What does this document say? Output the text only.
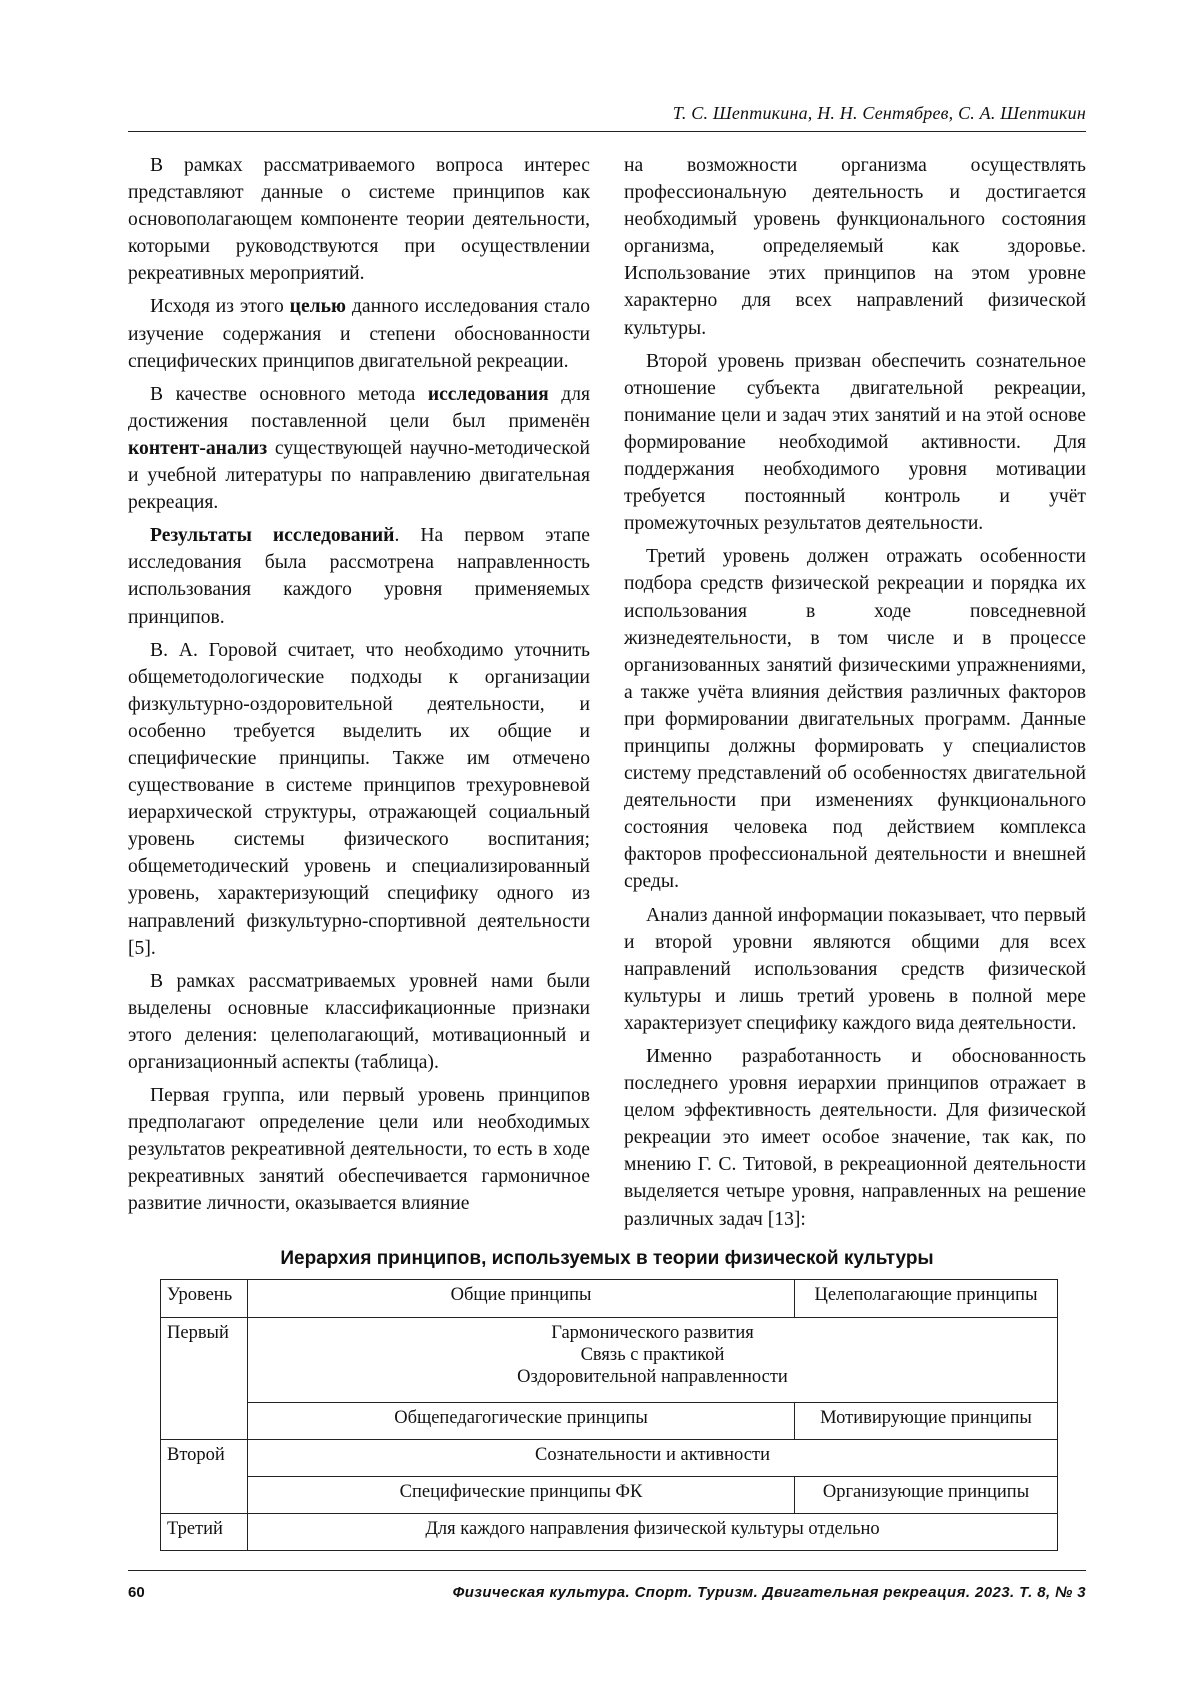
Т. С. Шептикина, Н. Н. Сентябрев, С. А. Шептикин

В рамках рассматриваемого вопроса интерес представляют данные о системе принципов как основополагающем компоненте теории деятельности, которыми руководствуются при осуществлении рекреативных мероприятий.

Исходя из этого целью данного исследования стало изучение содержания и степени обоснованности специфических принципов двигательной рекреации.

В качестве основного метода исследования для достижения поставленной цели был применён контент-анализ существующей научно-методической и учебной литературы по направлению двигательная рекреация.

Результаты исследований. На первом этапе исследования была рассмотрена направленность использования каждого уровня применяемых принципов.

В. А. Горовой считает, что необходимо уточнить общеметодологические подходы к организации физкультурно-оздоровительной деятельности, и особенно требуется выделить их общие и специфические принципы. Также им отмечено существование в системе принципов трехуровневой иерархической структуры, отражающей социальный уровень системы физического воспитания; общеметодический уровень и специализированный уровень, характеризующий специфику одного из направлений физкультурно-спортивной деятельности [5].

В рамках рассматриваемых уровней нами были выделены основные классификационные признаки этого деления: целеполагающий, мотивационный и организационный аспекты (таблица).

Первая группа, или первый уровень принципов предполагают определение цели или необходимых результатов рекреативной деятельности, то есть в ходе рекреативных занятий обеспечивается гармоничное развитие личности, оказывается влияние

на возможности организма осуществлять профессиональную деятельность и достигается необходимый уровень функционального состояния организма, определяемый как здоровье. Использование этих принципов на этом уровне характерно для всех направлений физической культуры.

Второй уровень призван обеспечить сознательное отношение субъекта двигательной рекреации, понимание цели и задач этих занятий и на этой основе формирование необходимой активности. Для поддержания необходимого уровня мотивации требуется постоянный контроль и учёт промежуточных результатов деятельности.

Третий уровень должен отражать особенности подбора средств физической рекреации и порядка их использования в ходе повседневной жизнедеятельности, в том числе и в процессе организованных занятий физическими упражнениями, а также учёта влияния действия различных факторов при формировании двигательных программ. Данные принципы должны формировать у специалистов систему представлений об особенностях двигательной деятельности при изменениях функционального состояния человека под действием комплекса факторов профессиональной деятельности и внешней среды.

Анализ данной информации показывает, что первый и второй уровни являются общими для всех направлений использования средств физической культуры и лишь третий уровень в полной мере характеризует специфику каждого вида деятельности.

Именно разработанность и обоснованность последнего уровня иерархии принципов отражает в целом эффективность деятельности. Для физической рекреации это имеет особое значение, так как, по мнению Г. С. Титовой, в рекреационной деятельности выделяется четыре уровня, направленных на решение различных задач [13]:

Иерархия принципов, используемых в теории физической культуры
Уровень	Общие принципы	Целеполагающие принципы
Первый	Гармонического развития
Связь с практикой
Оздоровительной направленности	

	Общепедагогические принципы	Мотивирующие принципы
Второй	Сознательности и активности	
	Специфические принципы ФК	Организующие принципы
Третий	Для каждого направления физической культуры отдельно	
60	Физическая культура. Спорт. Туризм. Двигательная рекреация. 2023. Т. 8, № 3
